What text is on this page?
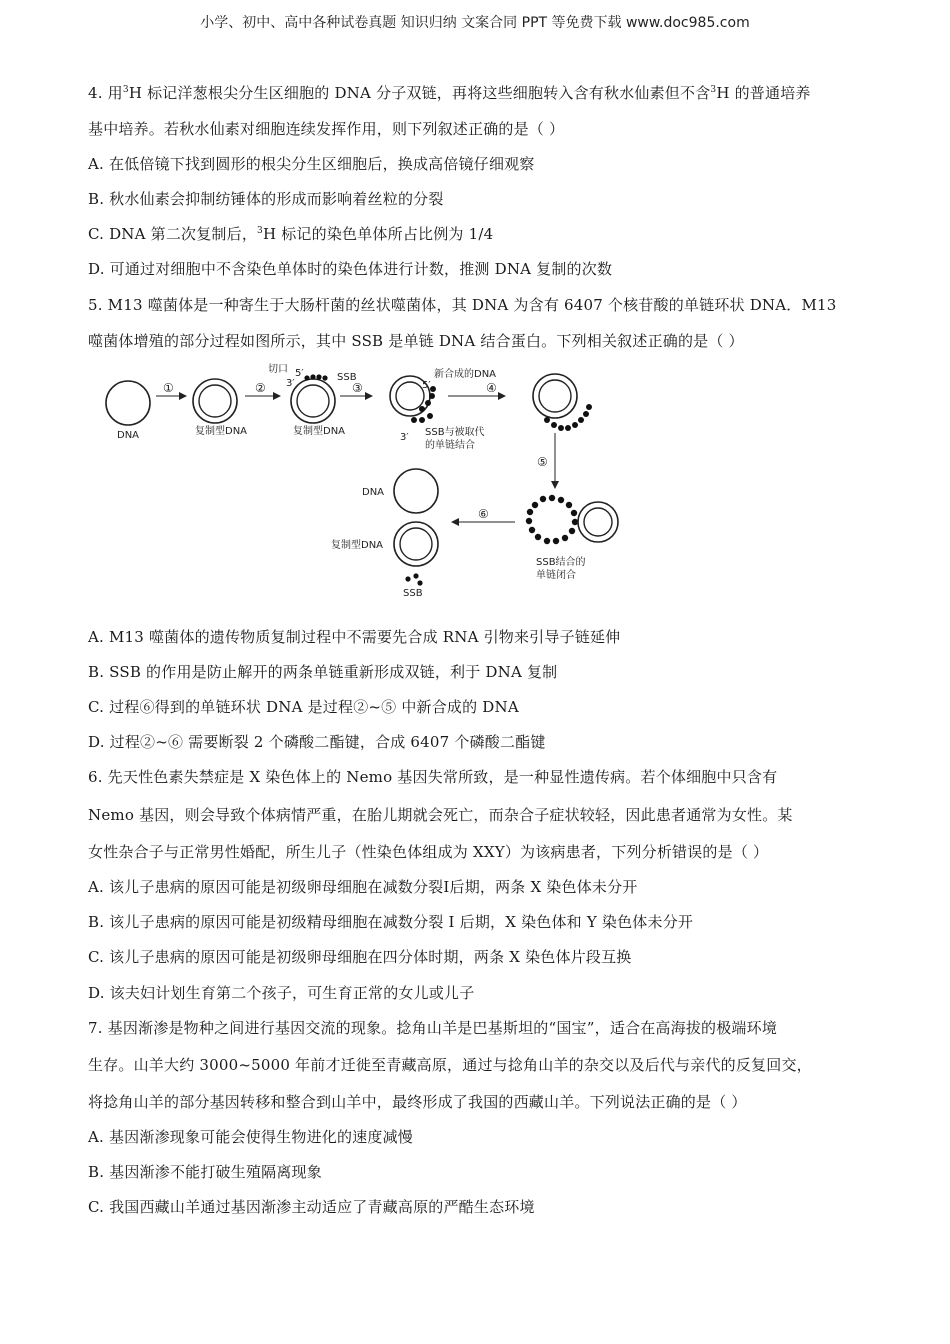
小学、初中、高中各种试卷真题 知识归纳 文案合同 PPT 等免费下载 www.doc985.com
4. 用$^3$H 标记洋葱根尖分生区细胞的 DNA 分子双链，再将这些细胞转入含有秋水仙素但不含$^3$H 的普通培养
基中培养。若秋水仙素对细胞连续发挥作用，则下列叙述正确的是（ ）
A. 在低倍镜下找到圆形的根尖分生区细胞后，换成高倍镜仔细观察
B. 秋水仙素会抑制纺锤体的形成而影响着丝粒的分裂
C. DNA 第二次复制后，$^3$H 标记的染色单体所占比例为 1/4
D. 可通过对细胞中不含染色单体时的染色体进行计数，推测 DNA 复制的次数
5. M13 噬菌体是一种寄生于大肠杆菌的丝状噬菌体，其 DNA 为含有 6407 个核苷酸的单链环状 DNA．M13
噬菌体增殖的部分过程如图所示，其中 SSB 是单链 DNA 结合蛋白。下列相关叙述正确的是（ ）
DNA
①
复制型DNA
②
切口 5′
3′
SSB
复制型DNA
③
新合成的DNA
5′
3′ SSB与被取代
的单链结合
④
⑤
SSB结合的
单链闭合
⑥
DNA
复制型DNA
SSB
A. M13 噬菌体的遗传物质复制过程中不需要先合成 RNA 引物来引导子链延伸
B. SSB 的作用是防止解开的两条单链重新形成双链，利于 DNA 复制
C. 过程⑥得到的单链环状 DNA 是过程②~⑤ 中新合成的 DNA
D. 过程②~⑥ 需要断裂 2 个磷酸二酯键，合成 6407 个磷酸二酯键
6. 先天性色素失禁症是 X 染色体上的 Nemo 基因失常所致，是一种显性遗传病。若个体细胞中只含有
Nemo 基因，则会导致个体病情严重，在胎儿期就会死亡，而杂合子症状较轻，因此患者通常为女性。某
女性杂合子与正常男性婚配，所生儿子（性染色体组成为 XXY）为该病患者，下列分析错误的是（ ）
A. 该儿子患病的原因可能是初级卵母细胞在减数分裂Ⅰ后期，两条 X 染色体未分开
B. 该儿子患病的原因可能是初级精母细胞在减数分裂 I 后期，X 染色体和 Y 染色体未分开
C. 该儿子患病的原因可能是初级卵母细胞在四分体时期，两条 X 染色体片段互换
D. 该夫妇计划生育第二个孩子，可生育正常的女儿或儿子
7. 基因渐渗是物种之间进行基因交流的现象。捻角山羊是巴基斯坦的“国宝”，适合在高海拔的极端环境
生存。山羊大约 3000~5000 年前才迁徙至青藏高原，通过与捻角山羊的杂交以及后代与亲代的反复回交，
将捻角山羊的部分基因转移和整合到山羊中，最终形成了我国的西藏山羊。下列说法正确的是（ ）
A. 基因渐渗现象可能会使得生物进化的速度减慢
B. 基因渐渗不能打破生殖隔离现象
C. 我国西藏山羊通过基因渐渗主动适应了青藏高原的严酷生态环境
